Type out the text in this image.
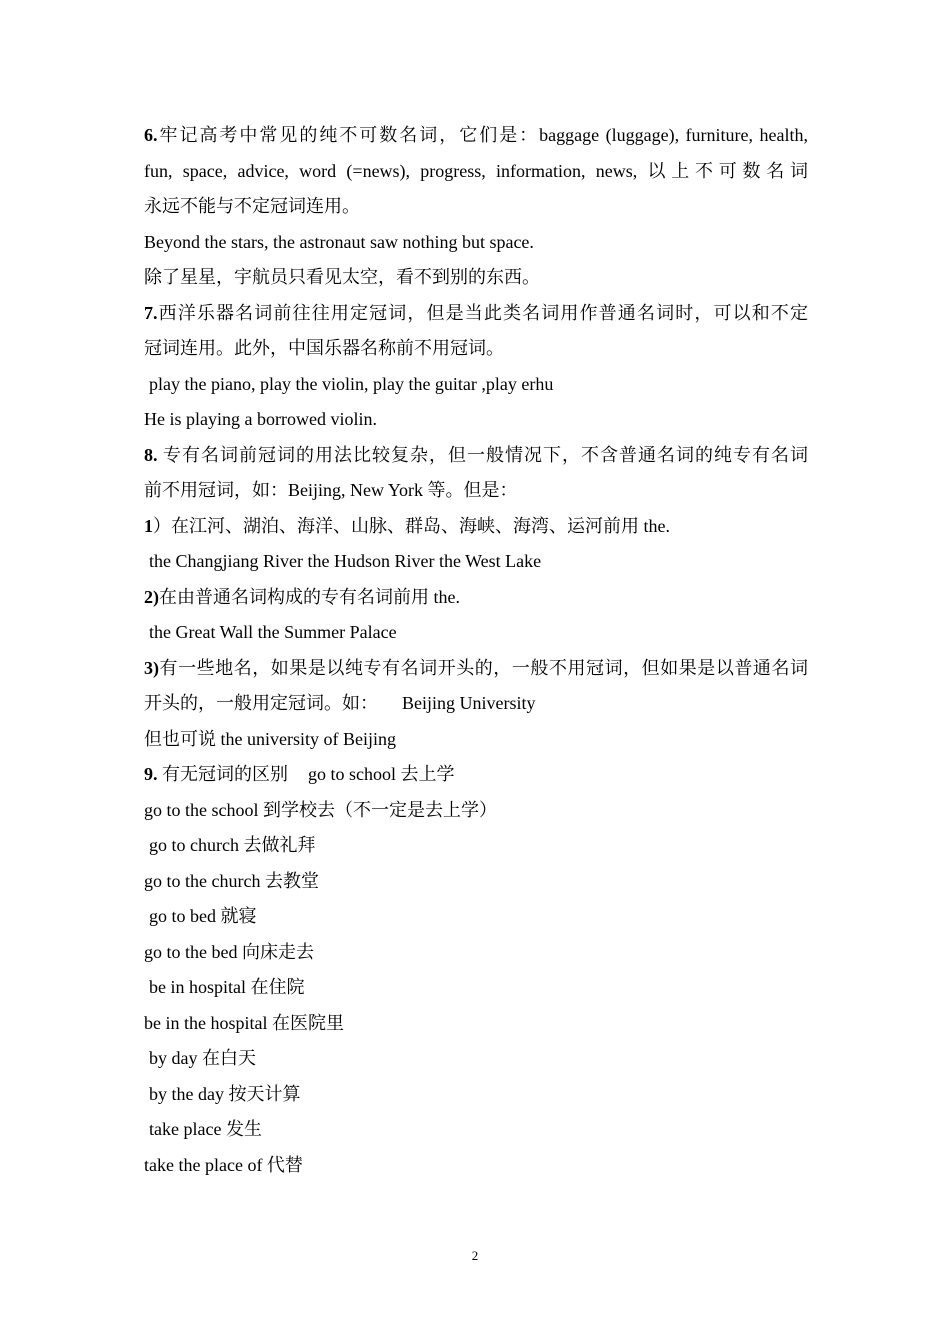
6.牢记高考中常见的纯不可数名词，它们是：baggage (luggage), furniture, health,
fun, space, advice, word (=news), progress, information, news, 以上不可数名词
永远不能与不定冠词连用。
Beyond the stars, the astronaut saw nothing but space.
除了星星，宇航员只看见太空，看不到别的东西。
7.西洋乐器名词前往往用定冠词，但是当此类名词用作普通名词时，可以和不定
冠词连用。此外，中国乐器名称前不用冠词。
play the piano, play the violin, play the guitar ,play erhu
He is playing a borrowed violin.
8. 专有名词前冠词的用法比较复杂，但一般情况下，不含普通名词的纯专有名词
前不用冠词，如：Beijing, New York 等。但是：
1）在江河、湖泊、海洋、山脉、群岛、海峡、海湾、运河前用 the.
the Changjiang River the Hudson River the West Lake
2)在由普通名词构成的专有名词前用 the.
the Great Wall the Summer Palace
3)有一些地名，如果是以纯专有名词开头的，一般不用冠词，但如果是以普通名词
开头的，一般用定冠词。如： Beijing University
但也可说 the university of Beijing
9. 有无冠词的区别 go to school 去上学
go to the school 到学校去（不一定是去上学）
go to church 去做礼拜
go to the church 去教堂
go to bed 就寝
go to the bed 向床走去
be in hospital 在住院
be in the hospital 在医院里
by day 在白天
by the day 按天计算
take place 发生
take the place of 代替
2
